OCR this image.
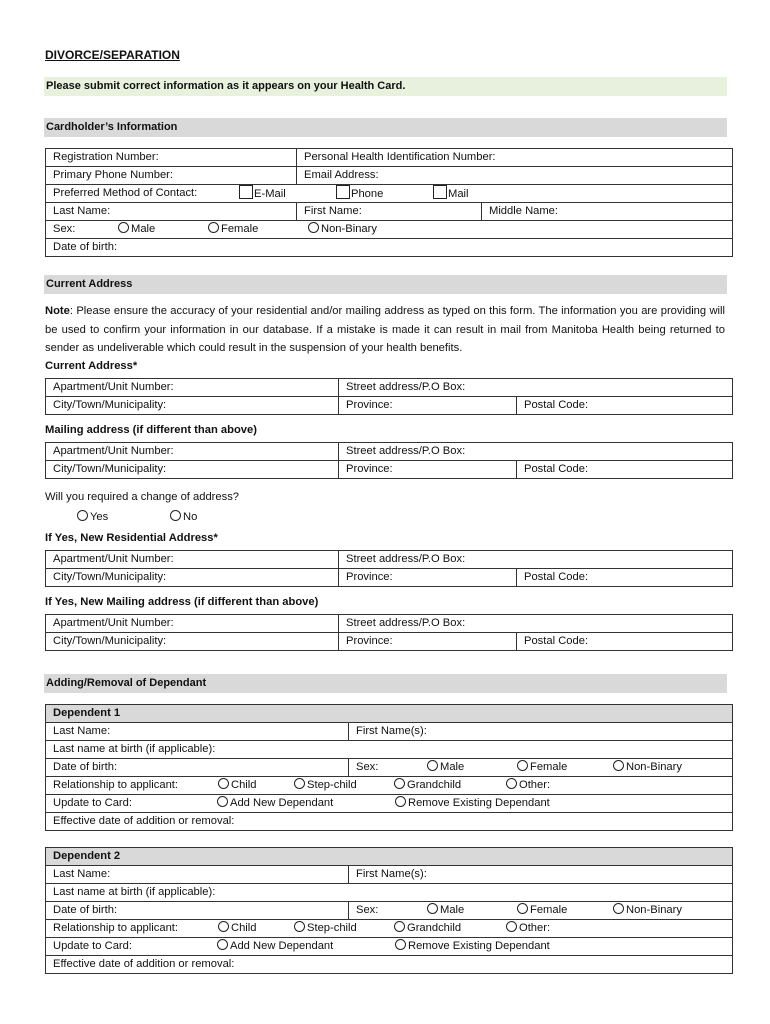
DIVORCE/SEPARATION
Please submit correct information as it appears on your Health Card.
Cardholder’s Information
Registration Number:	Personal Health Identification Number:	
Primary Phone Number:	Email Address:	
Preferred Method of Contact: E-Mail Phone Mail		

Last Name:	First Name:	Middle Name:
Sex: Male Female Non-Binary		

Date of birth:		
Current Address
Note: Please ensure the accuracy of your residential and/or mailing address as typed on this form. The information you are providing will be used to confirm your information in our database. If a mistake is made it can result in mail from Manitoba Health being returned to sender as undeliverable which could result in the suspension of your health benefits.
Current Address*
Apartment/Unit Number:	Street address/P.O Box:	
City/Town/Municipality:	Province:	Postal Code:
Mailing address (if different than above)
Apartment/Unit Number:	Street address/P.O Box:	
City/Town/Municipality:	Province:	Postal Code:
Will you required a change of address?
Yes	No
If Yes, New Residential Address*
Apartment/Unit Number:	Street address/P.O Box:	
City/Town/Municipality:	Province:	Postal Code:
If Yes, New Mailing address (if different than above)
Apartment/Unit Number:	Street address/P.O Box:	
City/Town/Municipality:	Province:	Postal Code:
Adding/Removal of Dependant
Dependent 1	
Last Name:	First Name(s):
Last name at birth (if applicable):	
Date of birth:	Sex: Male Female Non-Binary

Relationship to applicant: Child Step-child Grandchild Other:	

Update to Card: Add New Dependant Remove Existing Dependant	

Effective date of addition or removal:	
Dependent 2	
Last Name:	First Name(s):
Last name at birth (if applicable):	
Date of birth:	Sex: Male Female Non-Binary

Relationship to applicant: Child Step-child Grandchild Other:	

Update to Card: Add New Dependant Remove Existing Dependant	

Effective date of addition or removal:	
